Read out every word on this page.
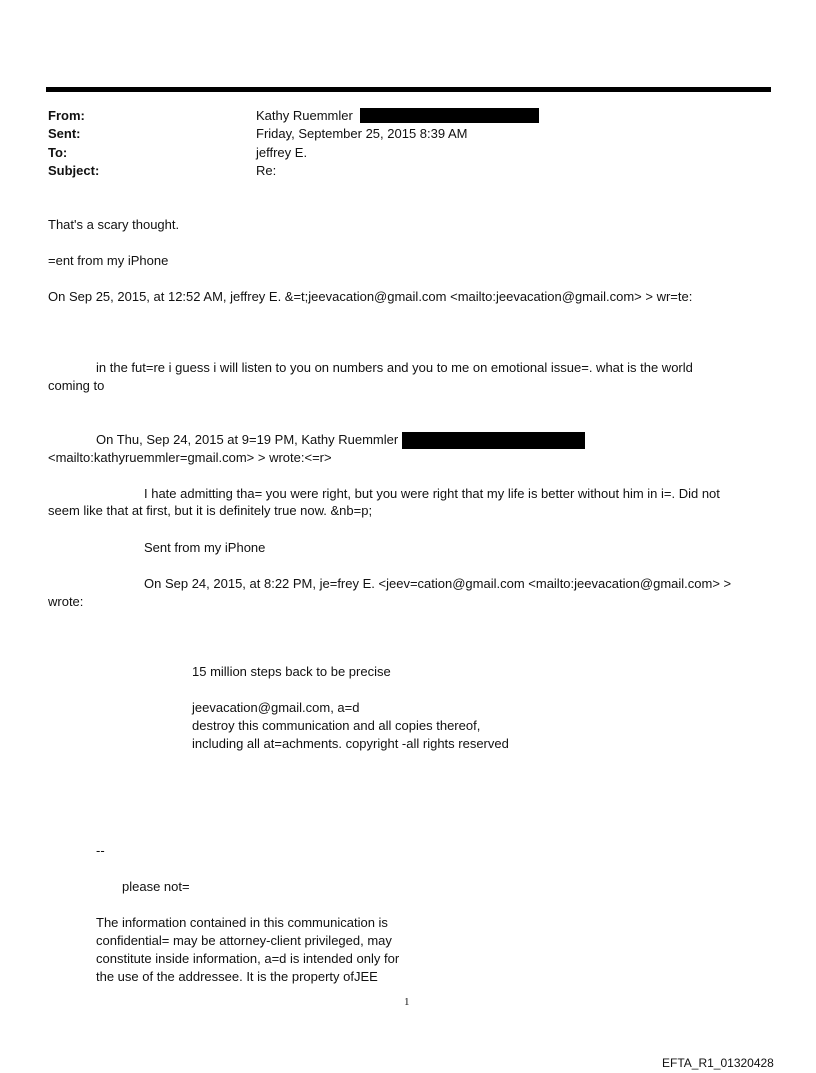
From:	Kathy Ruemmler
Sent:	Friday, September 25, 2015 8:39 AM
To:	jeffrey E.
Subject:	Re:
That's a scary thought.
=ent from my iPhone
On Sep 25, 2015, at 12:52 AM, jeffrey E. &=t;jeevacation@gmail.com <mailto:jeevacation@gmail.com> > wr=te:
in the fut=re i guess i will listen to you on numbers and you to me on emotional issue=. what is the world
coming to
On Thu, Sep 24, 2015 at 9=19 PM, Kathy Ruemmler
<mailto:kathyruemmler=gmail.com> > wrote:<=r>
I hate admitting tha= you were right, but you were right that my life is better without him in i=. Did not
seem like that at first, but it is definitely true now. &nb=p;
Sent from my iPhone
On Sep 24, 2015, at 8:22 PM, je=frey E. <jeev=cation@gmail.com <mailto:jeevacation@gmail.com> >
wrote:
15 million steps back to be precise
jeevacation@gmail.com, a=d
destroy this communication and all copies thereof,
including all at=achments. copyright -all rights reserved
--
please not=
The information contained in this communication is
confidential= may be attorney-client privileged, may
constitute inside information, a=d is intended only for
the use of the addressee. It is the property ofJEE
1
EFTA_R1_01320428
